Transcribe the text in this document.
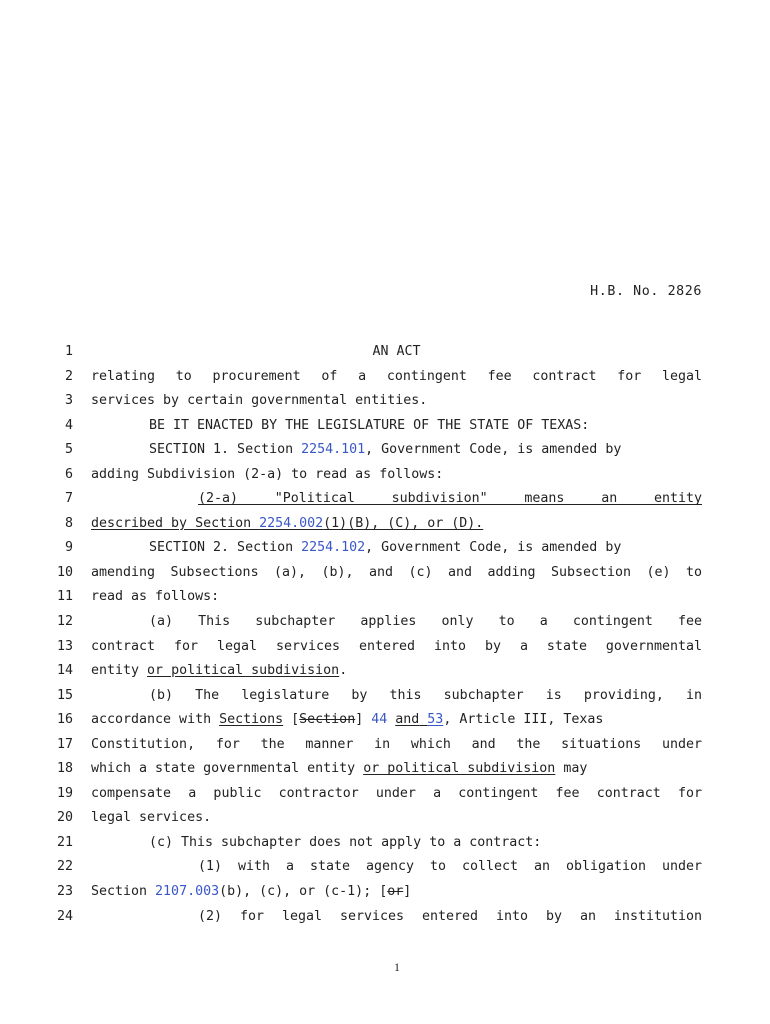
H.B. No. 2826
1	AN ACT
2 relating to procurement of a contingent fee contract for legal
3 services by certain governmental entities.
4	BE IT ENACTED BY THE LEGISLATURE OF THE STATE OF TEXAS:
5	SECTION 1. Section 2254.101, Government Code, is amended by
6 adding Subdivision (2-a) to read as follows:
7	(2-a) "Political subdivision" means an entity
8 described by Section 2254.002(1)(B), (C), or (D).
9	SECTION 2. Section 2254.102, Government Code, is amended by
10 amending Subsections (a), (b), and (c) and adding Subsection (e) to
11 read as follows:
12	(a) This subchapter applies only to a contingent fee
13 contract for legal services entered into by a state governmental
14 entity or political subdivision.
15	(b) The legislature by this subchapter is providing, in
16 accordance with Sections [Section] 44 and 53, Article III, Texas
17 Constitution, for the manner in which and the situations under
18 which a state governmental entity or political subdivision may
19 compensate a public contractor under a contingent fee contract for
20 legal services.
21	(c) This subchapter does not apply to a contract:
22	(1) with a state agency to collect an obligation under
23 Section 2107.003(b), (c), or (c-1); [or]
24	(2) for legal services entered into by an institution
1
